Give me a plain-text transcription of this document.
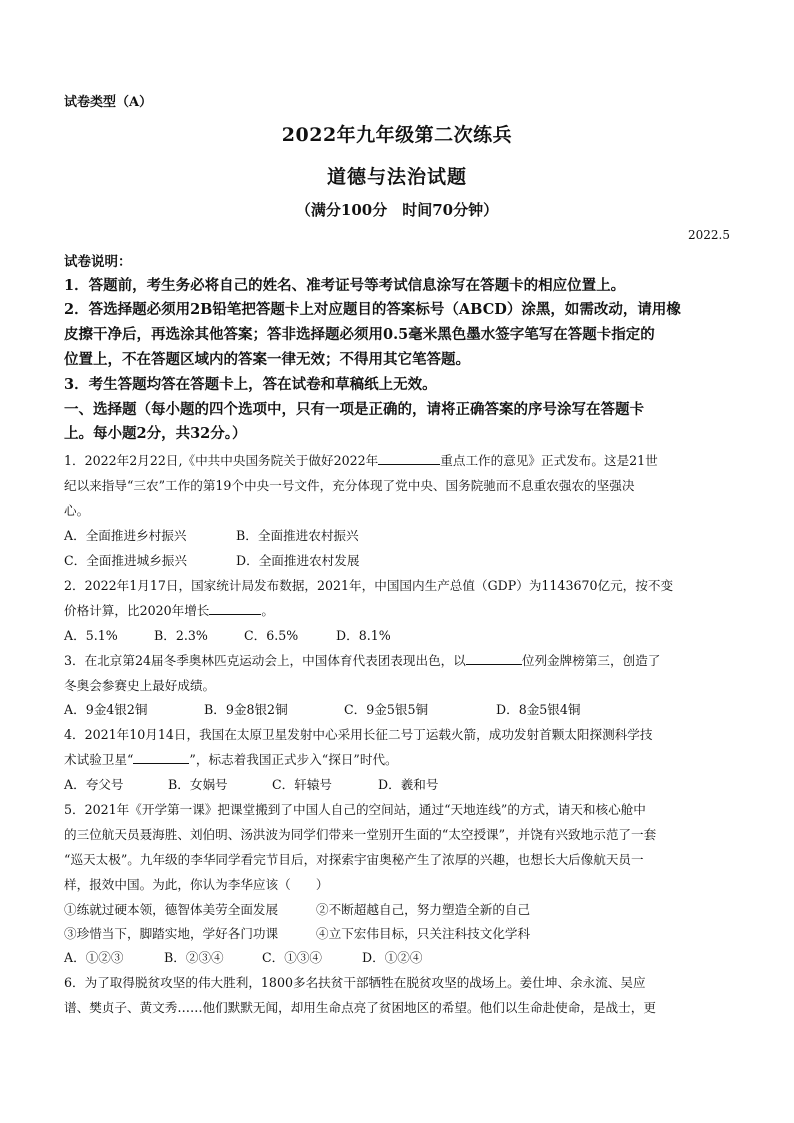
试卷类型（A）
2022年九年级第二次练兵
道德与法治试题
（满分100分　时间70分钟）
2022.5
试卷说明：
1．答题前，考生务必将自己的姓名、准考证号等考试信息涂写在答题卡的相应位置上。
2．答选择题必须用2B铅笔把答题卡上对应题目的答案标号（ABCD）涂黑，如需改动，请用橡
皮擦干净后，再选涂其他答案；答非选择题必须用0.5毫米黑色墨水签字笔写在答题卡指定的
位置上，不在答题区域内的答案一律无效；不得用其它笔答题。
3．考生答题均答在答题卡上，答在试卷和草稿纸上无效。
一、选择题（每小题的四个选项中，只有一项是正确的，请将正确答案的序号涂写在答题卡
上。每小题2分，共32分。）
1．2022年2月22日,《中共中央国务院关于做好2022年	重点工作的意见》正式发布。这是21世
纪以来指导“三农”工作的第19个中央一号文件，充分体现了党中央、国务院驰而不息重农强农的坚强决
心。
A．全面推进乡村振兴	B．全面推进农村振兴
C．全面推进城乡振兴	D．全面推进农村发展
2．2022年1月17日，国家统计局发布数据，2021年，中国国内生产总值（GDP）为1143670亿元，按不变
价格计算，比2020年增长	。
A．5.1%	B．2.3%	C．6.5%	D．8.1%
3．在北京第24届冬季奥林匹克运动会上，中国体育代表团表现出色，以	位列金牌榜第三，创造了
冬奥会参赛史上最好成绩。
A．9金4银2铜	B．9金8银2铜	C．9金5银5铜	D．8金5银4铜
4．2021年10月14日，我国在太原卫星发射中心采用长征二号丁运载火箭，成功发射首颗太阳探测科学技
术试验卫星“	”，标志着我国正式步入“探日”时代。
A．夸父号	B．女娲号	C．轩辕号	D．羲和号
5．2021年《开学第一课》把课堂搬到了中国人自己的空间站，通过“天地连线”的方式，请天和核心舱中
的三位航天员聂海胜、刘伯明、汤洪波为同学们带来一堂别开生面的“太空授课”，并饶有兴致地示范了一套
“巡天太极”。九年级的李华同学看完节目后，对探索宇宙奥秘产生了浓厚的兴趣，也想长大后像航天员一
样，报效中国。为此，你认为李华应该（　　）
①练就过硬本领，德智体美劳全面发展	②不断超越自己，努力塑造全新的自己
③珍惜当下，脚踏实地，学好各门功课	④立下宏伟目标，只关注科技文化学科
A．①②③	B．②③④	C．①③④	D．①②④
6．为了取得脱贫攻坚的伟大胜利，1800多名扶贫干部牺牲在脱贫攻坚的战场上。姜仕坤、余永流、吴应
谱、樊贞子、黄文秀……他们默默无闻，却用生命点亮了贫困地区的希望。他们以生命赴使命，是战士，更
